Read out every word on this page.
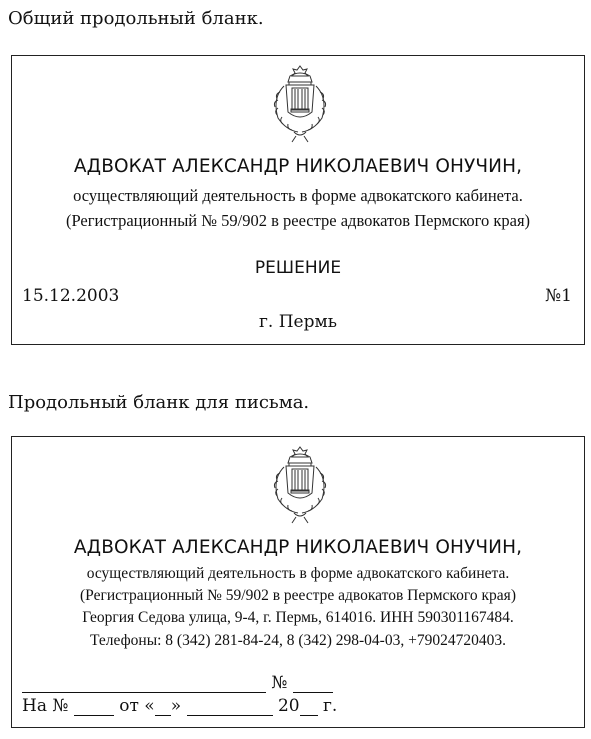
Общий продольный бланк.
АДВОКАТ АЛЕКСАНДР НИКОЛАЕВИЧ ОНУЧИН,
осуществляющий деятельность в форме адвокатского кабинета.
(Регистрационный № 59/902 в реестре адвокатов Пермского края)
РЕШЕНИЕ
15.12.2003	№1
г. Пермь
Продольный бланк для письма.
АДВОКАТ АЛЕКСАНДР НИКОЛАЕВИЧ ОНУЧИН,
осуществляющий деятельность в форме адвокатского кабинета.
(Регистрационный № 59/902 в реестре адвокатов Пермского края)
Георгия Седова улица, 9-4, г. Пермь, 614016. ИНН 590301167484.
Телефоны: 8 (342) 281-84-24, 8 (342) 298-04-03, +79024720403.
№
На №	от « »	20 г.
